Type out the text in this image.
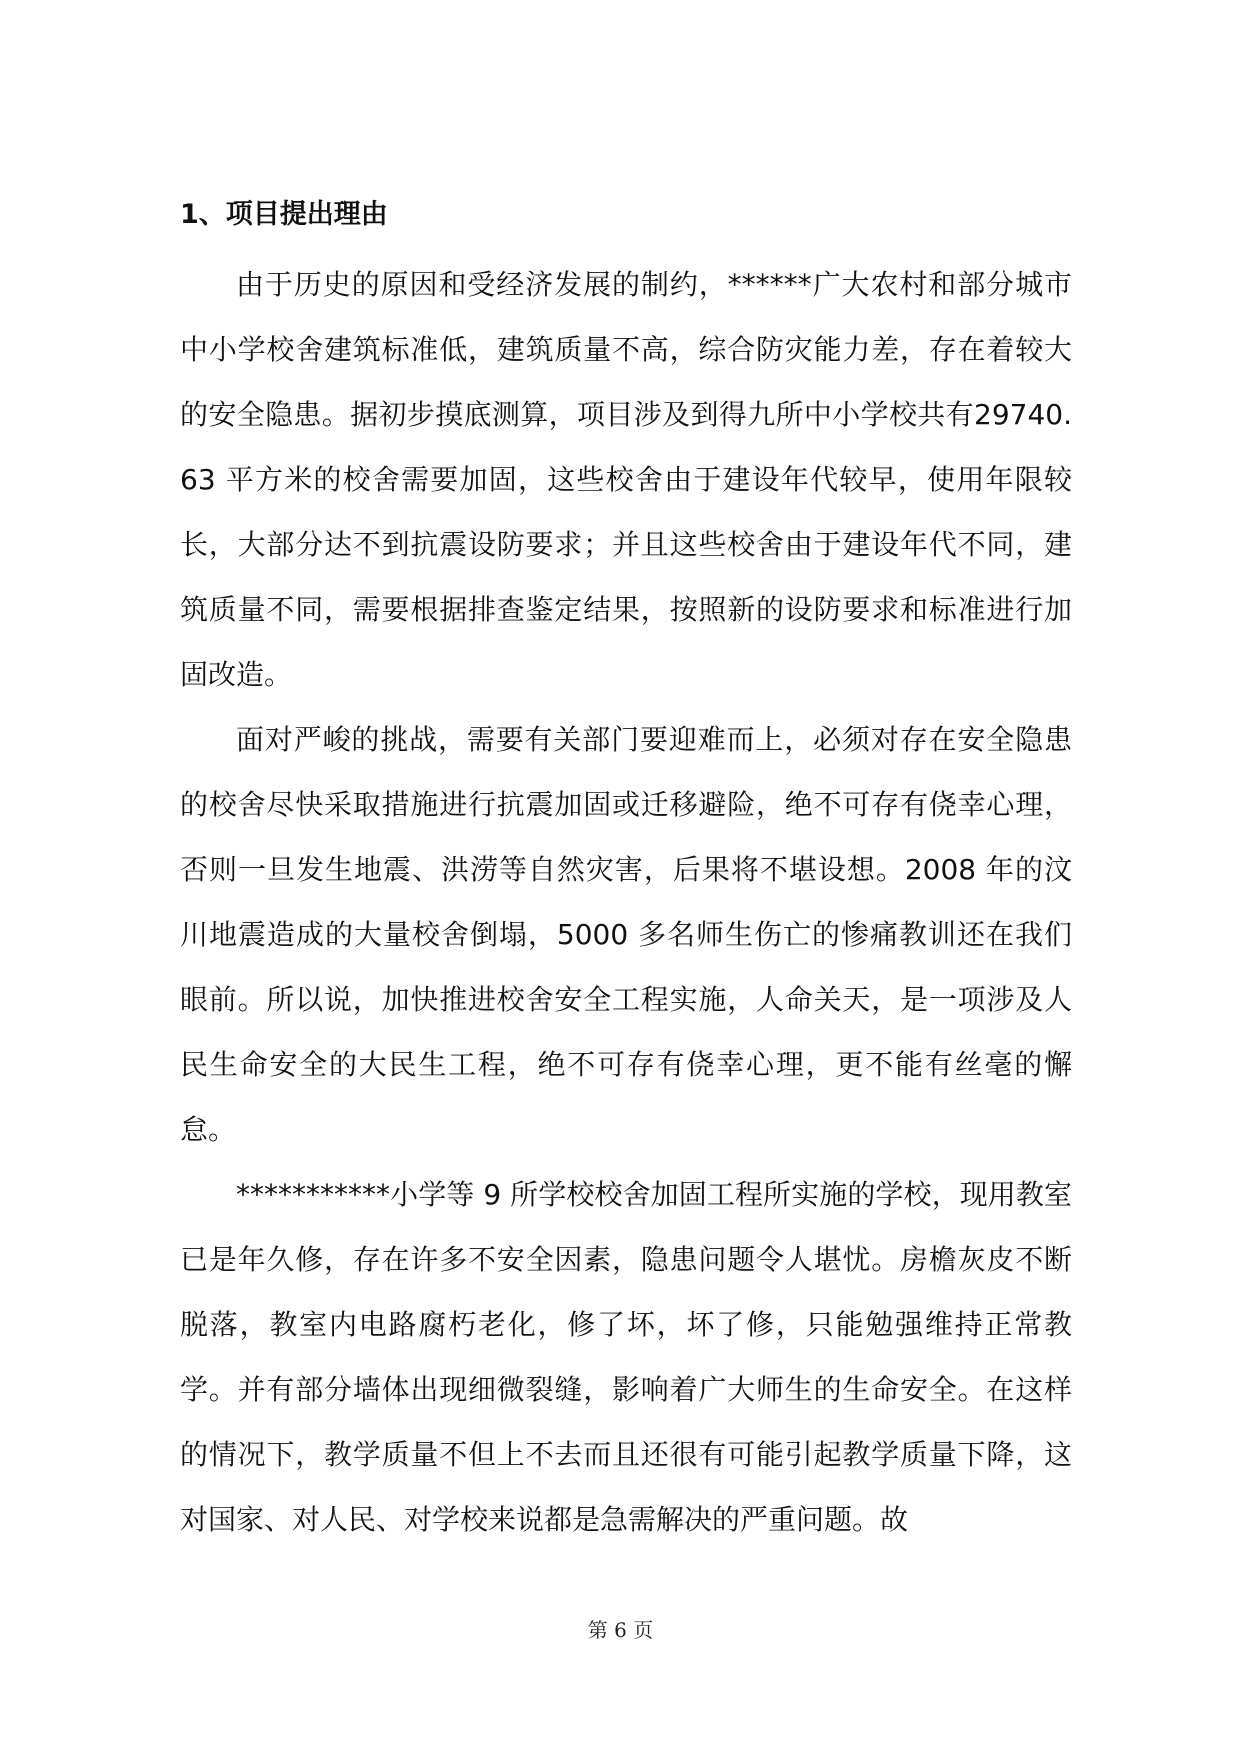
1、项目提出理由

由于历史的原因和受经济发展的制约，******广大农村和部分城市中小学校舍建筑标准低，建筑质量不高，综合防灾能力差，存在着较大的安全隐患。据初步摸底测算，项目涉及到得九所中小学校共有29740.63 平方米的校舍需要加固，这些校舍由于建设年代较早，使用年限较长，大部分达不到抗震设防要求；并且这些校舍由于建设年代不同，建筑质量不同，需要根据排查鉴定结果，按照新的设防要求和标准进行加固改造。

面对严峻的挑战，需要有关部门要迎难而上，必须对存在安全隐患的校舍尽快采取措施进行抗震加固或迁移避险，绝不可存有侥幸心理，否则一旦发生地震、洪涝等自然灾害，后果将不堪设想。2008 年的汶川地震造成的大量校舍倒塌，5000 多名师生伤亡的惨痛教训还在我们眼前。所以说，加快推进校舍安全工程实施，人命关天，是一项涉及人民生命安全的大民生工程，绝不可存有侥幸心理，更不能有丝毫的懈怠。

***********小学等 9 所学校校舍加固工程所实施的学校，现用教室已是年久修，存在许多不安全因素，隐患问题令人堪忧。房檐灰皮不断脱落，教室内电路腐朽老化，修了坏，坏了修，只能勉强维持正常教学。并有部分墙体出现细微裂缝，影响着广大师生的生命安全。在这样的情况下，教学质量不但上不去而且还很有可能引起教学质量下降，这对国家、对人民、对学校来说都是急需解决的严重问题。故

第 6 页
